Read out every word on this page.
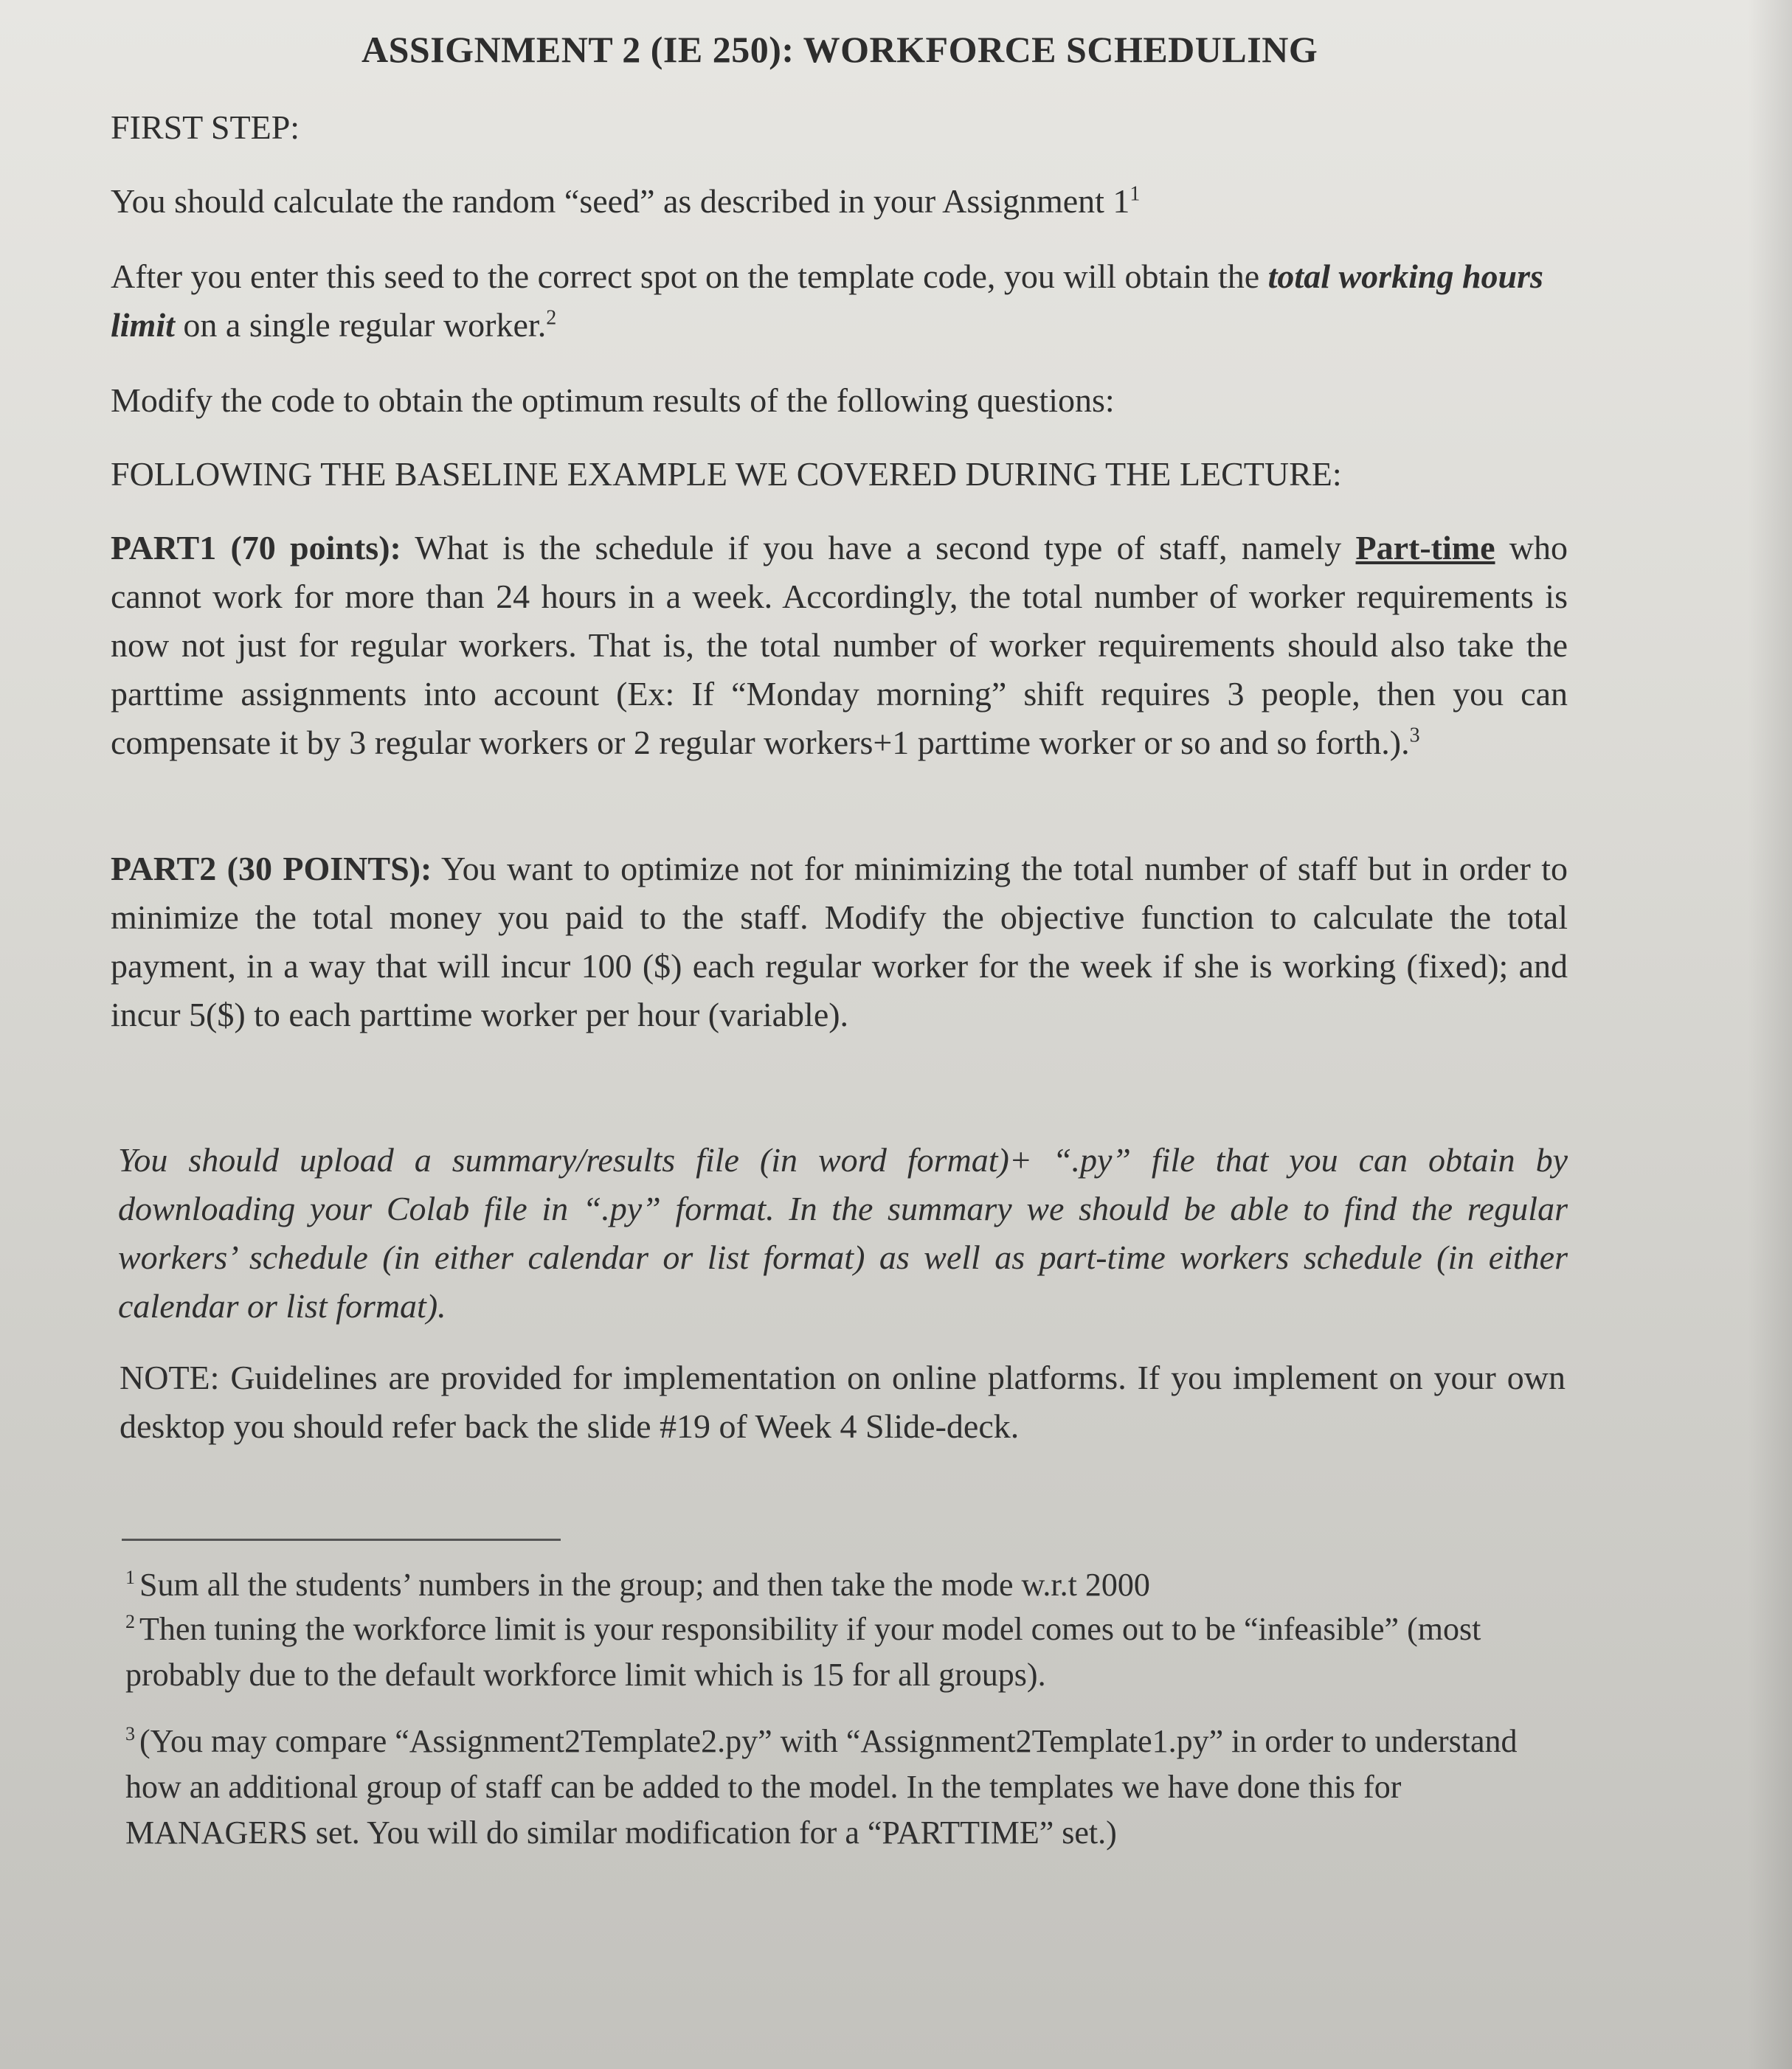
ASSIGNMENT 2 (IE 250): WORKFORCE SCHEDULING
FIRST STEP:
You should calculate the random “seed” as described in your Assignment $1^1$
After you enter this seed to the correct spot on the template code, you will obtain the total working hours limit on a single regular worker.$^2$
Modify the code to obtain the optimum results of the following questions:
FOLLOWING THE BASELINE EXAMPLE WE COVERED DURING THE LECTURE:
PART1 (70 points): What is the schedule if you have a second type of staff, namely Part-time who cannot work for more than 24 hours in a week. Accordingly, the total number of worker requirements is now not just for regular workers. That is, the total number of worker requirements should also take the parttime assignments into account (Ex: If “Monday morning” shift requires 3 people, then you can compensate it by 3 regular workers or 2 regular workers+1 parttime worker or so and so forth.).$^3$
PART2 (30 POINTS): You want to optimize not for minimizing the total number of staff but in order to minimize the total money you paid to the staff. Modify the objective function to calculate the total payment, in a way that will incur 100 ($) each regular worker for the week if she is working (fixed); and incur 5($) to each parttime worker per hour (variable).
You should upload a summary/results file (in word format)+ “.py” file that you can obtain by downloading your Colab file in “.py” format. In the summary we should be able to find the regular workers’ schedule (in either calendar or list format) as well as part-time workers schedule (in either calendar or list format).
NOTE: Guidelines are provided for implementation on online platforms. If you implement on your own desktop you should refer back the slide #19 of Week 4 Slide-deck.
$^1$ Sum all the students’ numbers in the group; and then take the mode w.r.t 2000
$^2$ Then tuning the workforce limit is your responsibility if your model comes out to be “infeasible” (most probably due to the default workforce limit which is 15 for all groups).
$^3$ (You may compare “Assignment2Template2.py” with “Assignment2Template1.py” in order to understand how an additional group of staff can be added to the model. In the templates we have done this for MANAGERS set. You will do similar modification for a “PARTTIME” set.)
